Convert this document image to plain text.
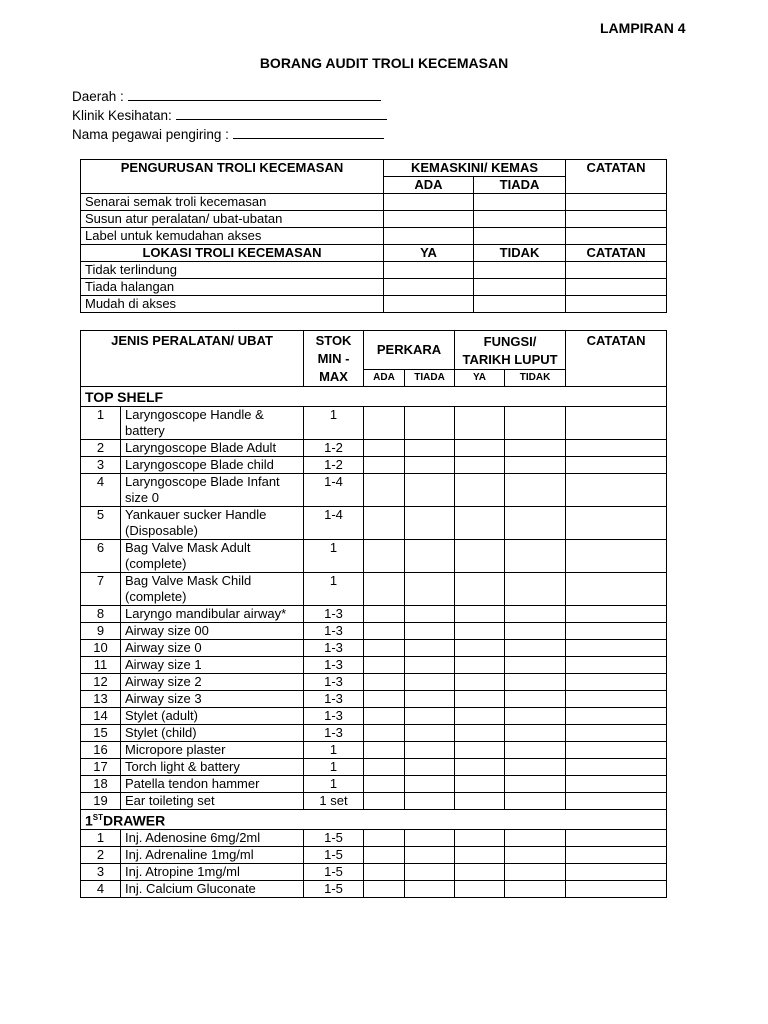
LAMPIRAN 4
BORANG AUDIT TROLI KECEMASAN
Daerah :
Klinik Kesihatan:
Nama pegawai pengiring :
PENGURUSAN TROLI KECEMASAN	KEMASKINI/ KEMAS		CATATAN
	ADA	TIADA	
Senarai semak troli kecemasan			
Susun atur peralatan/ ubat-ubatan			
Label untuk kemudahan akses			
LOKASI TROLI KECEMASAN	YA	TIDAK	CATATAN
Tidak terlindung			
Tiada halangan			
Mudah di akses			
JENIS PERALATAN/ UBAT		STOK MIN - MAX	PERKARA		FUNGSI/ TARIKH LUPUT		CATATAN
			ADA	TIADA	YA	TIDAK	
TOP SHELF							
1	Laryngoscope Handle & battery	1					
2	Laryngoscope Blade Adult	1-2					
3	Laryngoscope Blade child	1-2					
4	Laryngoscope Blade Infant size 0	1-4					
5	Yankauer sucker Handle (Disposable)	1-4					
6	Bag Valve Mask Adult (complete)	1					
7	Bag Valve Mask Child (complete)	1					
8	Laryngo mandibular airway*	1-3					
9	Airway size 00	1-3					
10	Airway size 0	1-3					
11	Airway size 1	1-3					
12	Airway size 2	1-3					
13	Airway size 3	1-3					
14	Stylet (adult)	1-3					
15	Stylet (child)	1-3					
16	Micropore plaster	1					
17	Torch light & battery	1					
18	Patella tendon hammer	1					
19	Ear toileting set	1 set					
1STDRAWER							
1	Inj. Adenosine 6mg/2ml	1-5					
2	Inj. Adrenaline 1mg/ml	1-5					
3	Inj. Atropine 1mg/ml	1-5					
4	Inj. Calcium Gluconate	1-5					
